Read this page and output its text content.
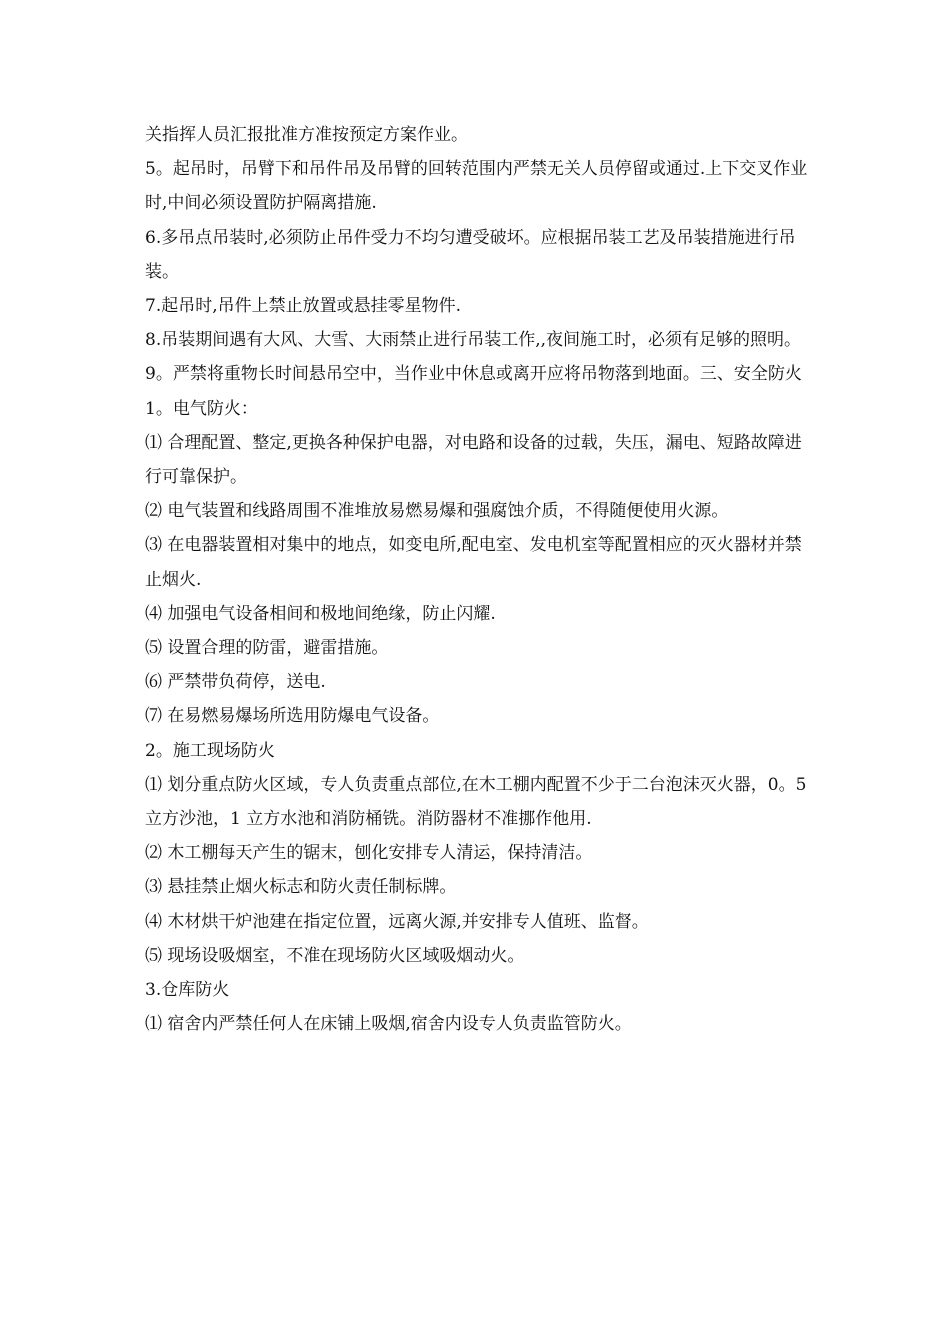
关指挥人员汇报批准方准按预定方案作业。

5。起吊时，吊臂下和吊件吊及吊臂的回转范围内严禁无关人员停留或通过.上下交叉作业时,中间必须设置防护隔离措施.

6.多吊点吊装时,必须防止吊件受力不均匀遭受破坏。应根据吊装工艺及吊装措施进行吊装。

7.起吊时,吊件上禁止放置或悬挂零星物件.

8.吊装期间遇有大风、大雪、大雨禁止进行吊装工作,,夜间施工时，必须有足够的照明。

9。严禁将重物长时间悬吊空中，当作业中休息或离开应将吊物落到地面。三、安全防火

1。电气防火：

⑴ 合理配置、整定,更换各种保护电器，对电路和设备的过载，失压，漏电、短路故障进行可靠保护。

⑵ 电气装置和线路周围不准堆放易燃易爆和强腐蚀介质，不得随便使用火源。

⑶ 在电器装置相对集中的地点，如变电所,配电室、发电机室等配置相应的灭火器材并禁止烟火.

⑷ 加强电气设备相间和极地间绝缘，防止闪耀.

⑸ 设置合理的防雷，避雷措施。

⑹ 严禁带负荷停，送电.

⑺ 在易燃易爆场所选用防爆电气设备。

2。施工现场防火

⑴ 划分重点防火区域，专人负责重点部位,在木工棚内配置不少于二台泡沫灭火器，0。5 立方沙池，1 立方水池和消防桶铣。消防器材不准挪作他用.

⑵ 木工棚每天产生的锯末，刨化安排专人清运，保持清洁。

⑶ 悬挂禁止烟火标志和防火责任制标牌。

⑷ 木材烘干炉池建在指定位置，远离火源,并安排专人值班、监督。

⑸ 现场设吸烟室，不准在现场防火区域吸烟动火。

3.仓库防火

⑴ 宿舍内严禁任何人在床铺上吸烟,宿舍内设专人负责监管防火。
